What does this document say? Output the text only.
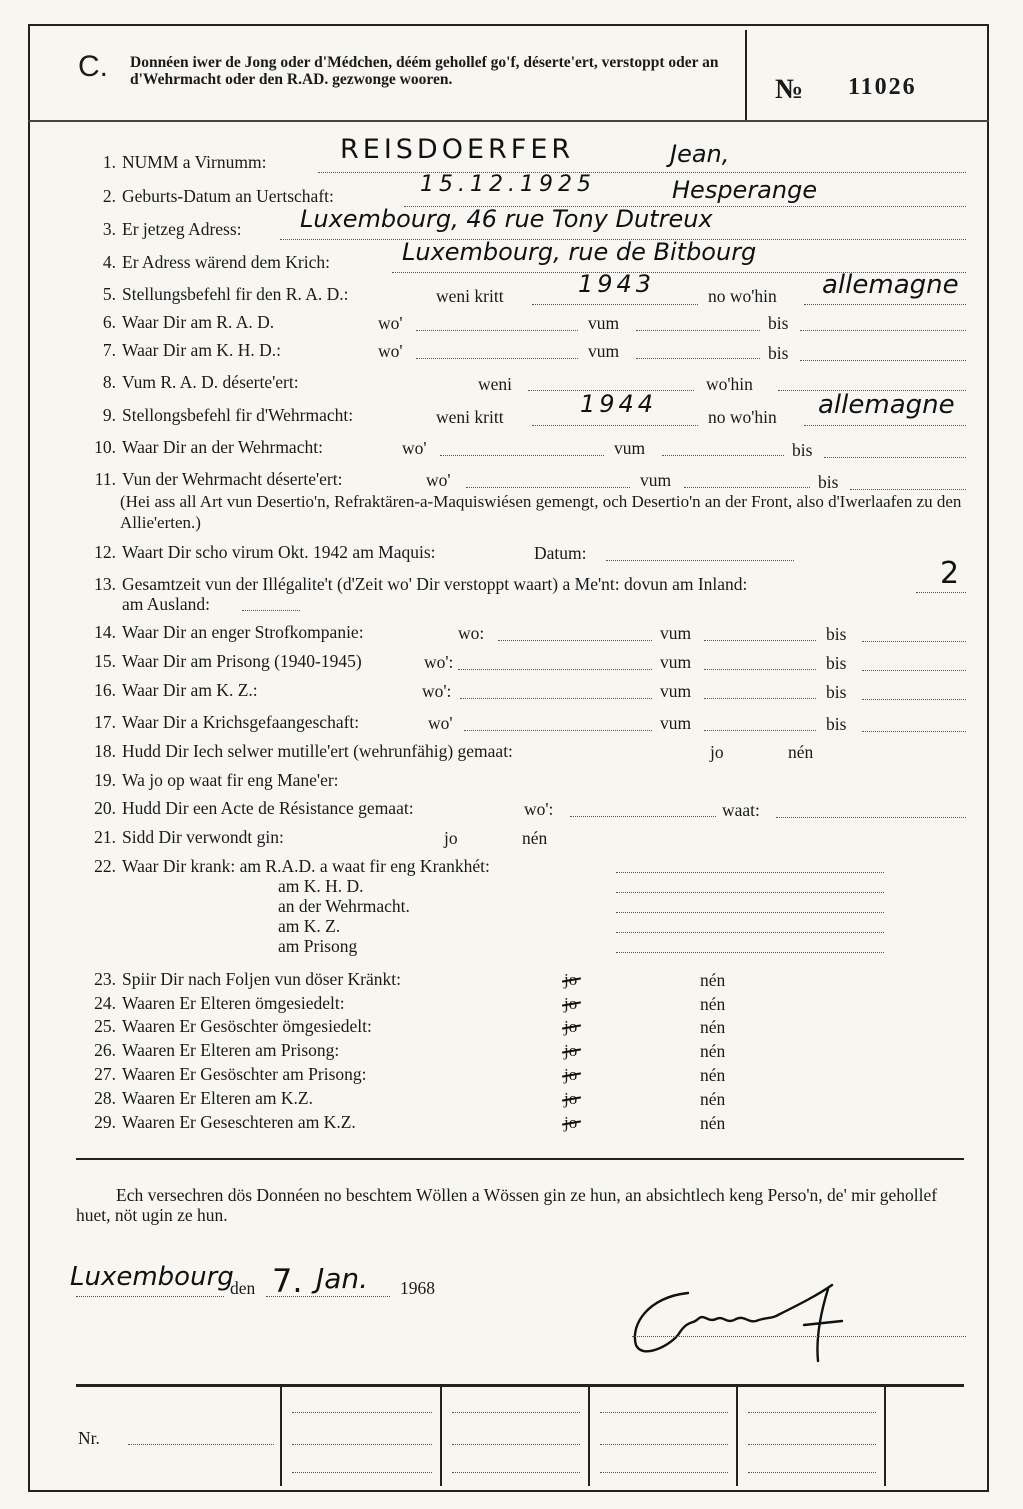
C. Donnéen iwer de Jong oder d'Médchen, déém gehollef go'f, déserte'ert, verstoppt oder an d'Wehrmacht oder den R.AD. gezwonge wooren.	№ 11026
1. NUMM a Virnumm:	REISDOERFER	Jean,
2. Geburts-Datum an Uertschaft:	15.12.1925	Hesperange
3. Er jetzeg Adress: Luxembourg, 46 rue Tony Dutreux
4. Er Adress wärend dem Krich:	Luxembourg, rue de Bitbourg
5. Stellungsbefehl fir den R. A. D.:	weni kritt	1943	no wo'hin allemagne
6. Waar Dir am R. A. D.	wo'	vum	bis
7. Waar Dir am K. H. D.:	wo'	vum	bis
8. Vum R. A. D. déserte'ert:	weni	wo'hin
9. Stellongsbefehl fir d'Wehrmacht:	weni kritt	1944	no wo'hin allemagne
10. Waar Dir an der Wehrmacht:	wo'	vum	bis
11. Vun der Wehrmacht déserte'ert:	wo'	vum	bis
(Hei ass all Art vun Desertio'n, Refraktären-a-Maquiswiésen gemengt, och Desertio'n an der Front, also d'Iwerlaafen zu den Allie'erten.)
12. Waart Dir scho virum Okt. 1942 am Maquis:	Datum:
13. Gesamtzeit vun der Illégalite't (d'Zeit wo' Dir verstoppt waart) a Me'nt: dovun am Inland:	2
am Ausland:
14. Waar Dir an enger Strofkompanie:	wo:	vum	bis
15. Waar Dir am Prisong (1940-1945)	wo':	vum	bis
16. Waar Dir am K. Z.:	wo':	vum	bis
17. Waar Dir a Krichsgefaangeschaft:	wo'	vum	bis
18. Hudd Dir Iech selwer mutille'ert (wehrunfähig) gemaat:	jo	nén
19. Wa jo op waat fir eng Mane'er:
20. Hudd Dir een Acte de Résistance gemaat:	wo':	waat:
21. Sidd Dir verwondt gin:	jo	nén
22. Waar Dir krank: am R.A.D. a waat fir eng Krankhét:
am K. H. D.
an der Wehrmacht.
am K. Z.
am Prisong
23. Spiir Dir nach Foljen vun döser Kränkt:	jo	nén
24. Waaren Er Elteren ömgesiedelt:	jo	nén
25. Waaren Er Gesöschter ömgesiedelt:	jo	nén
26. Waaren Er Elteren am Prisong:	jo	nén
27. Waaren Er Gesöschter am Prisong:	jo	nén
28. Waaren Er Elteren am K.Z.	jo	nén
29. Waaren Er Geseschteren am K.Z.	jo	nén
Ech versechren dös Donnéen no beschtem Wöllen a Wössen gin ze hun, an absichtlech keng Perso'n, de' mir gehollef huet, nöt ugin ze hun.
Luxembourg
den 7. Jan. 1968
Nr.
